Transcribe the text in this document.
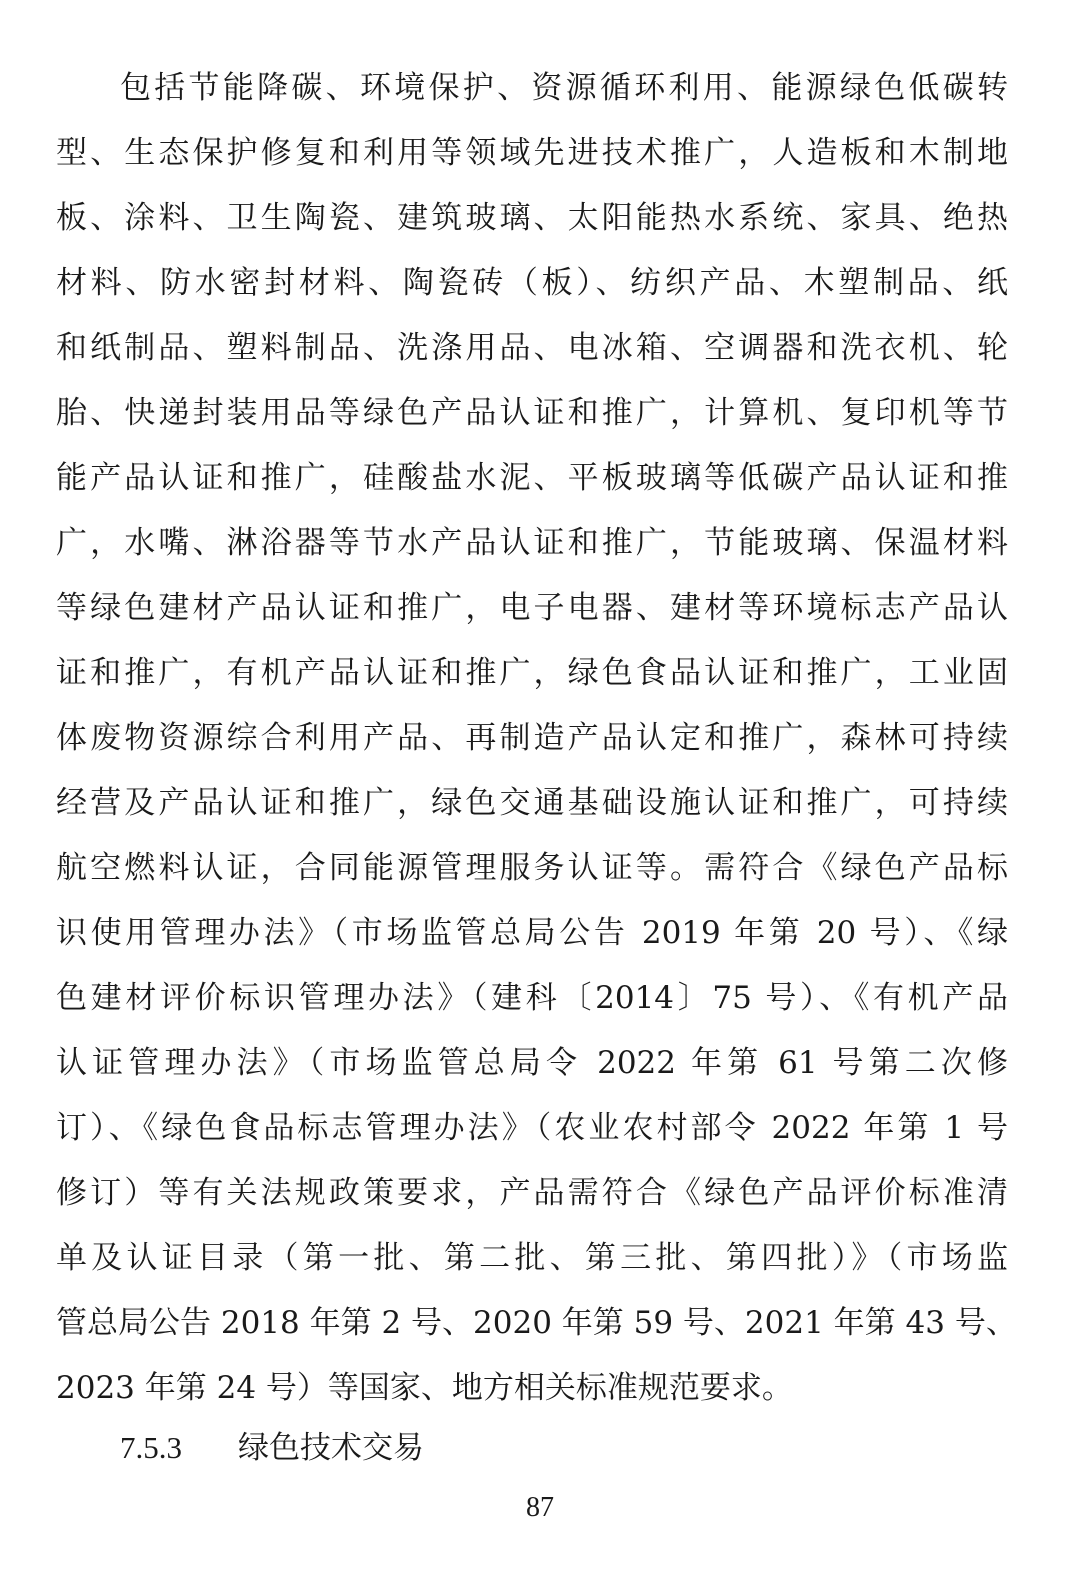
包括节能降碳、环境保护、资源循环利用、能源绿色低碳转
型、生态保护修复和利用等领域先进技术推广，人造板和木制地
板、涂料、卫生陶瓷、建筑玻璃、太阳能热水系统、家具、绝热
材料、防水密封材料、陶瓷砖（板）、纺织产品、木塑制品、纸
和纸制品、塑料制品、洗涤用品、电冰箱、空调器和洗衣机、轮
胎、快递封装用品等绿色产品认证和推广，计算机、复印机等节
能产品认证和推广，硅酸盐水泥、平板玻璃等低碳产品认证和推
广，水嘴、淋浴器等节水产品认证和推广，节能玻璃、保温材料
等绿色建材产品认证和推广，电子电器、建材等环境标志产品认
证和推广，有机产品认证和推广，绿色食品认证和推广，工业固
体废物资源综合利用产品、再制造产品认定和推广，森林可持续
经营及产品认证和推广，绿色交通基础设施认证和推广，可持续
航空燃料认证，合同能源管理服务认证等。需符合《绿色产品标
识使用管理办法》（市场监管总局公告 2019 年第 20 号）、《绿
色建材评价标识管理办法》（建科〔2014〕75 号）、《有机产品
认证管理办法》（市场监管总局令 2022 年第 61 号第二次修
订）、《绿色食品标志管理办法》（农业农村部令 2022 年第 1 号
修订）等有关法规政策要求，产品需符合《绿色产品评价标准清
单及认证目录（第一批、第二批、第三批、第四批）》（市场监
管总局公告 2018 年第 2 号、2020 年第 59 号、2021 年第 43 号、
2023 年第 24 号）等国家、地方相关标准规范要求。
7.5.3 绿色技术交易
87
